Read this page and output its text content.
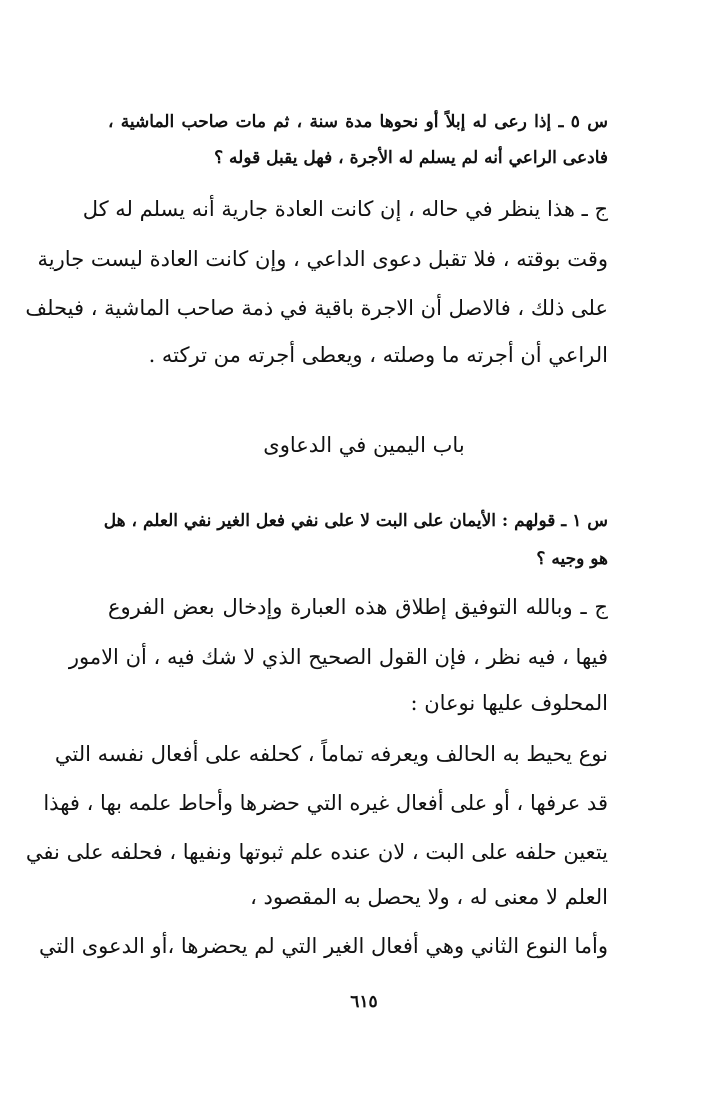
س ٥ ـ إذا رعى له إبلاً أو نحوها مدة سنة ، ثم مات صاحب الماشية ،
فادعى الراعي أنه لم يسلم له الأجرة ، فهل يقبل قوله ؟
ج ـ هذا ينظر في حاله ، إن كانت العادة جارية أنه يسلم له كل
وقت بوقته ، فلا تقبل دعوى الداعي ، وإن كانت العادة ليست جارية
على ذلك ، فالاصل أن الاجرة باقية في ذمة صاحب الماشية ، فيحلف
الراعي أن أجرته ما وصلته ، ويعطى أجرته من تركته .
باب اليمين في الدعاوى
س ١ ـ قولهم : الأيمان على البت لا على نفي فعل الغير نفي العلم ، هل
هو وجيه ؟
ج ـ وبالله التوفيق إطلاق هذه العبارة وإدخال بعض الفروع
فيها ، فيه نظر ، فإن القول الصحيح الذي لا شك فيه ، أن الامور
المحلوف عليها نوعان :
نوع يحيط به الحالف ويعرفه تماماً ، كحلفه على أفعال نفسه التي
قد عرفها ، أو على أفعال غيره التي حضرها وأحاط علمه بها ، فهذا
يتعين حلفه على البت ، لان عنده علم ثبوتها ونفيها ، فحلفه على نفي
العلم لا معنى له ، ولا يحصل به المقصود ،
وأما النوع الثاني وهي أفعال الغير التي لم يحضرها ،أو الدعوى التي
٦١٥
